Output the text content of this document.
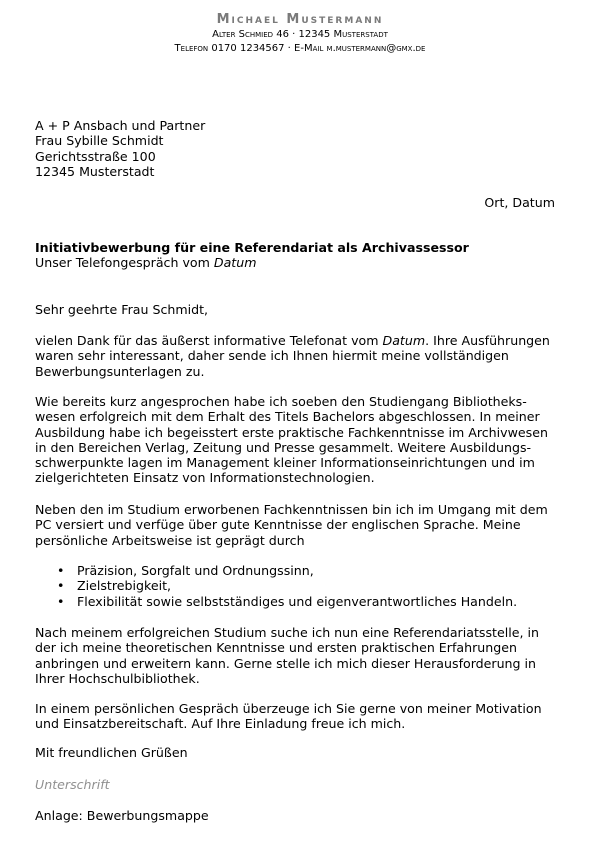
Michael Mustermann
Alter Schmied 46 · 12345 Musterstadt
Telefon 0170 1234567 · E-Mail m.mustermann@gmx.de
A + P Ansbach und Partner
Frau Sybille Schmidt
Gerichtsstraße 100
12345 Musterstadt
Ort, Datum
Initiativbewerbung für eine Referendariat als Archivassessor
Unser Telefongespräch vom Datum
Sehr geehrte Frau Schmidt,

vielen Dank für das äußerst informative Telefonat vom Datum. Ihre Ausführungen waren sehr interessant, daher sende ich Ihnen hiermit meine vollständigen Bewerbungsunterlagen zu.

Wie bereits kurz angesprochen habe ich soeben den Studiengang Bibliotheks-wesen erfolgreich mit dem Erhalt des Titels Bachelors abgeschlossen. In meiner Ausbildung habe ich begeisstert erste praktische Fachkenntnisse im Archivwesen in den Bereichen Verlag, Zeitung und Presse gesammelt. Weitere Ausbildungs-schwerpunkte lagen im Management kleiner Informationseinrichtungen und im zielgerichteten Einsatz von Informationstechnologien.

Neben den im Studium erworbenen Fachkenntnissen bin ich im Umgang mit dem PC versiert und verfüge über gute Kenntnisse der englischen Sprache. Meine persönliche Arbeitsweise ist geprägt durch

• Präzision, Sorgfalt und Ordnungssinn,
• Zielstrebigkeit,
• Flexibilität sowie selbstständiges und eigenverantwortliches Handeln.

Nach meinem erfolgreichen Studium suche ich nun eine Referendariatsstelle, in der ich meine theoretischen Kenntnisse und ersten praktischen Erfahrungen anbringen und erweitern kann. Gerne stelle ich mich dieser Herausforderung in Ihrer Hochschulbibliothek.

In einem persönlichen Gespräch überzeuge ich Sie gerne von meiner Motivation und Einsatzbereitschaft. Auf Ihre Einladung freue ich mich.

Mit freundlichen Grüßen
Unterschrift
Anlage: Bewerbungsmappe
